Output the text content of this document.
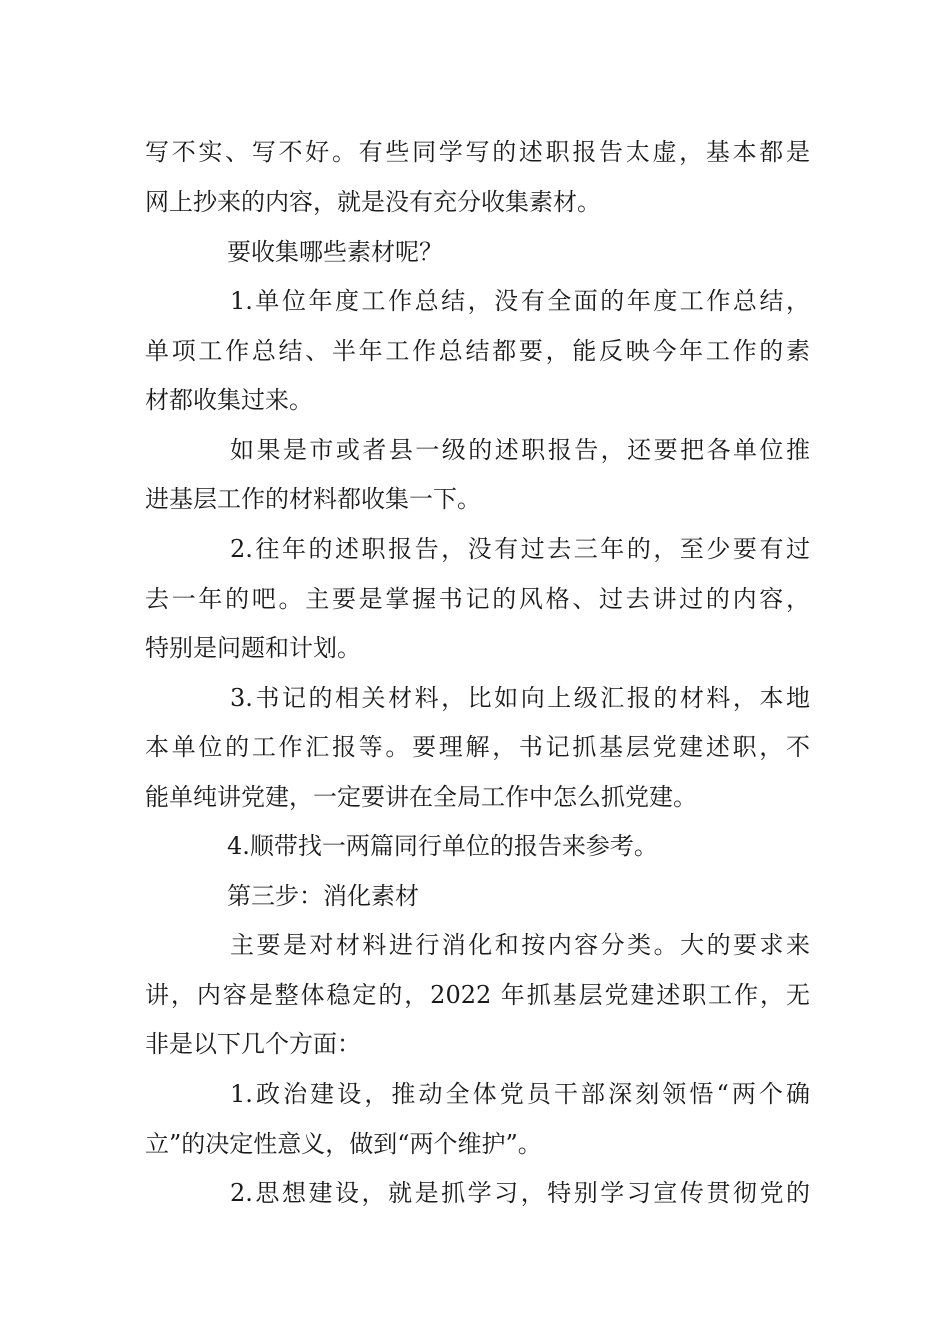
写不实、写不好。有些同学写的述职报告太虚，基本都是
网上抄来的内容，就是没有充分收集素材。
要收集哪些素材呢？
1.单位年度工作总结，没有全面的年度工作总结，
单项工作总结、半年工作总结都要，能反映今年工作的素
材都收集过来。
如果是市或者县一级的述职报告，还要把各单位推
进基层工作的材料都收集一下。
2.往年的述职报告，没有过去三年的，至少要有过
去一年的吧。主要是掌握书记的风格、过去讲过的内容，
特别是问题和计划。
3.书记的相关材料，比如向上级汇报的材料，本地
本单位的工作汇报等。要理解，书记抓基层党建述职，不
能单纯讲党建，一定要讲在全局工作中怎么抓党建。
4.顺带找一两篇同行单位的报告来参考。
第三步：消化素材
主要是对材料进行消化和按内容分类。大的要求来
讲，内容是整体稳定的，2022 年抓基层党建述职工作，无
非是以下几个方面：
1.政治建设，推动全体党员干部深刻领悟“两个确
立”的决定性意义，做到“两个维护”。
2.思想建设，就是抓学习，特别学习宣传贯彻党的
